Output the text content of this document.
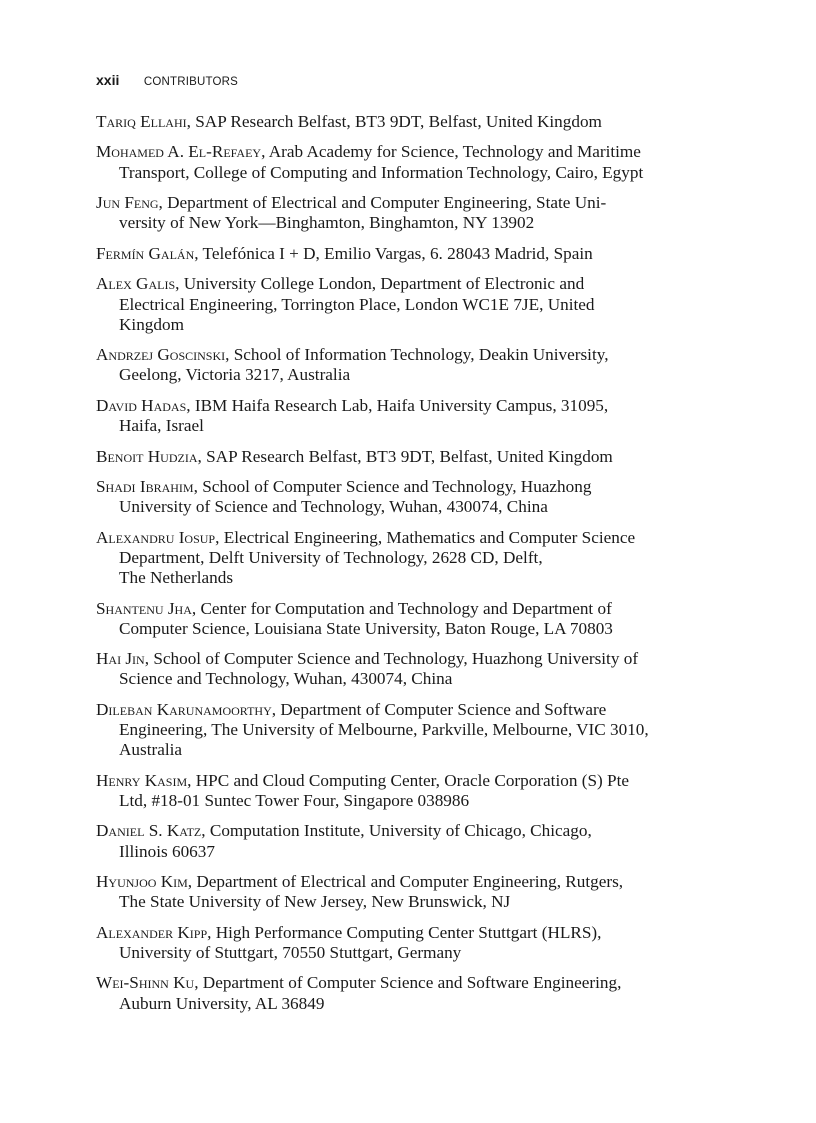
xxii CONTRIBUTORS
Tariq Ellahi, SAP Research Belfast, BT3 9DT, Belfast, United Kingdom
Mohamed A. El-Refaey, Arab Academy for Science, Technology and Maritime
Transport, College of Computing and Information Technology, Cairo, Egypt
Jun Feng, Department of Electrical and Computer Engineering, State Uni-
versity of New York—Binghamton, Binghamton, NY 13902
Fermín Galán, Telefónica I + D, Emilio Vargas, 6. 28043 Madrid, Spain
Alex Galis, University College London, Department of Electronic and
Electrical Engineering, Torrington Place, London WC1E 7JE, United
Kingdom
Andrzej Goscinski, School of Information Technology, Deakin University,
Geelong, Victoria 3217, Australia
David Hadas, IBM Haifa Research Lab, Haifa University Campus, 31095,
Haifa, Israel
Benoit Hudzia, SAP Research Belfast, BT3 9DT, Belfast, United Kingdom
Shadi Ibrahim, School of Computer Science and Technology, Huazhong
University of Science and Technology, Wuhan, 430074, China
Alexandru Iosup, Electrical Engineering, Mathematics and Computer Science
Department, Delft University of Technology, 2628 CD, Delft,
The Netherlands
Shantenu Jha, Center for Computation and Technology and Department of
Computer Science, Louisiana State University, Baton Rouge, LA 70803
Hai Jin, School of Computer Science and Technology, Huazhong University of
Science and Technology, Wuhan, 430074, China
Dileban Karunamoorthy, Department of Computer Science and Software
Engineering, The University of Melbourne, Parkville, Melbourne, VIC 3010,
Australia
Henry Kasim, HPC and Cloud Computing Center, Oracle Corporation (S) Pte
Ltd, #18-01 Suntec Tower Four, Singapore 038986
Daniel S. Katz, Computation Institute, University of Chicago, Chicago,
Illinois 60637
Hyunjoo Kim, Department of Electrical and Computer Engineering, Rutgers,
The State University of New Jersey, New Brunswick, NJ
Alexander Kipp, High Performance Computing Center Stuttgart (HLRS),
University of Stuttgart, 70550 Stuttgart, Germany
Wei-Shinn Ku, Department of Computer Science and Software Engineering,
Auburn University, AL 36849
